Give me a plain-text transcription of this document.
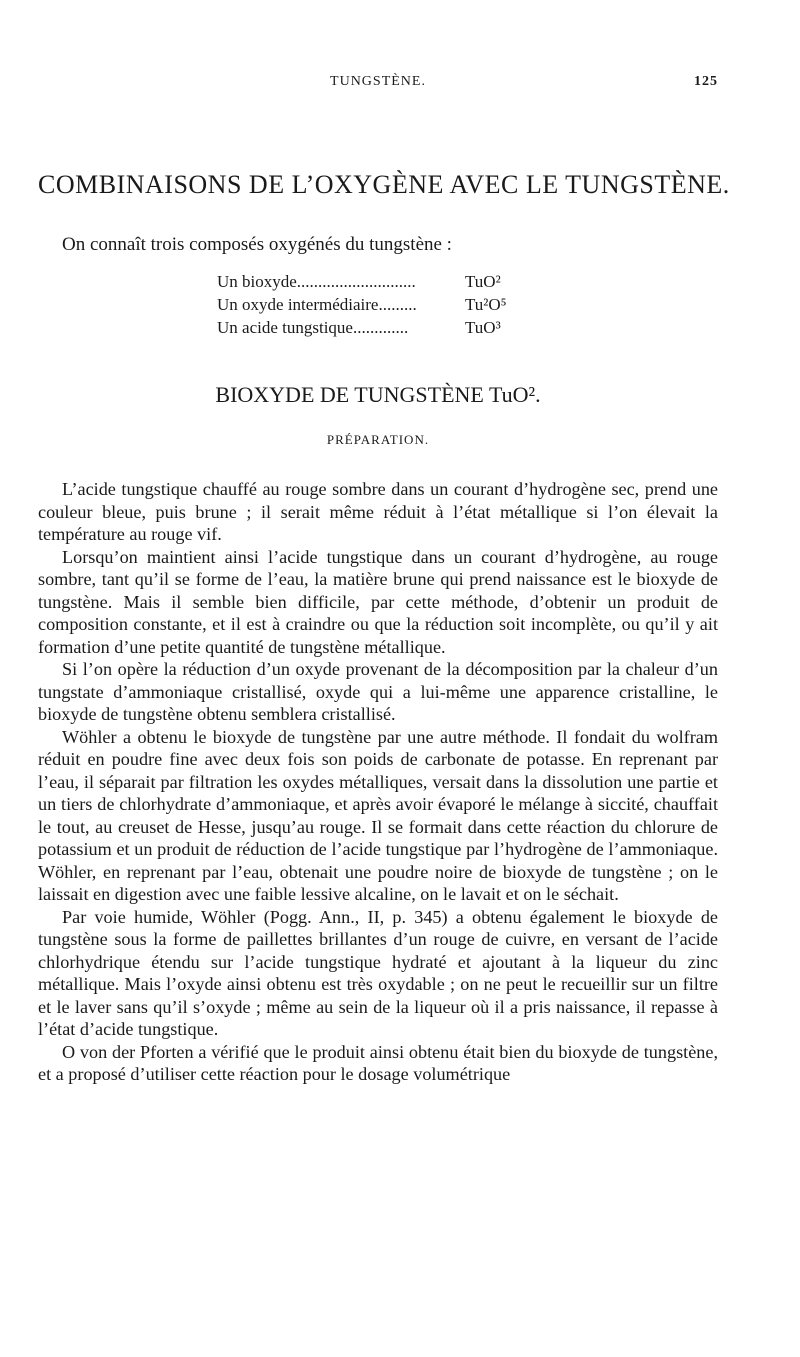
TUNGSTÈNE.	125
COMBINAISONS DE L’OXYGÈNE AVEC LE TUNGSTÈNE.
On connaît trois composés oxygénés du tungstène :
Un bioxyde............................	TuO²
Un oxyde intermédiaire.........	Tu²O⁵
Un acide tungstique.............	TuO³
BIOXYDE DE TUNGSTÈNE TuO².
PRÉPARATION.

L’acide tungstique chauffé au rouge sombre dans un courant d’hydrogène sec, prend une couleur bleue, puis brune ; il serait même réduit à l’état métallique si l’on élevait la température au rouge vif.

Lorsqu’on maintient ainsi l’acide tungstique dans un courant d’hydrogène, au rouge sombre, tant qu’il se forme de l’eau, la matière brune qui prend naissance est le bioxyde de tungstène. Mais il semble bien difficile, par cette méthode, d’obtenir un produit de composition constante, et il est à craindre ou que la réduction soit incomplète, ou qu’il y ait formation d’une petite quantité de tungstène métallique.

Si l’on opère la réduction d’un oxyde provenant de la décomposition par la chaleur d’un tungstate d’ammoniaque cristallisé, oxyde qui a lui-même une apparence cristalline, le bioxyde de tungstène obtenu semblera cristallisé.

Wöhler a obtenu le bioxyde de tungstène par une autre méthode. Il fondait du wolfram réduit en poudre fine avec deux fois son poids de carbonate de potasse. En reprenant par l’eau, il séparait par filtration les oxydes métalliques, versait dans la dissolution une partie et un tiers de chlorhydrate d’ammoniaque, et après avoir évaporé le mélange à siccité, chauffait le tout, au creuset de Hesse, jusqu’au rouge. Il se formait dans cette réaction du chlorure de potassium et un produit de réduction de l’acide tungstique par l’hydrogène de l’ammoniaque. Wöhler, en reprenant par l’eau, obtenait une poudre noire de bioxyde de tungstène ; on le laissait en digestion avec une faible lessive alcaline, on le lavait et on le séchait.

Par voie humide, Wöhler (Pogg. Ann., II, p. 345) a obtenu également le bioxyde de tungstène sous la forme de paillettes brillantes d’un rouge de cuivre, en versant de l’acide chlorhydrique étendu sur l’acide tungstique hydraté et ajoutant à la liqueur du zinc métallique. Mais l’oxyde ainsi obtenu est très oxydable ; on ne peut le recueillir sur un filtre et le laver sans qu’il s’oxyde ; même au sein de la liqueur où il a pris naissance, il repasse à l’état d’acide tungstique.

O von der Pforten a vérifié que le produit ainsi obtenu était bien du bioxyde de tungstène, et a proposé d’utiliser cette réaction pour le dosage volumétrique
